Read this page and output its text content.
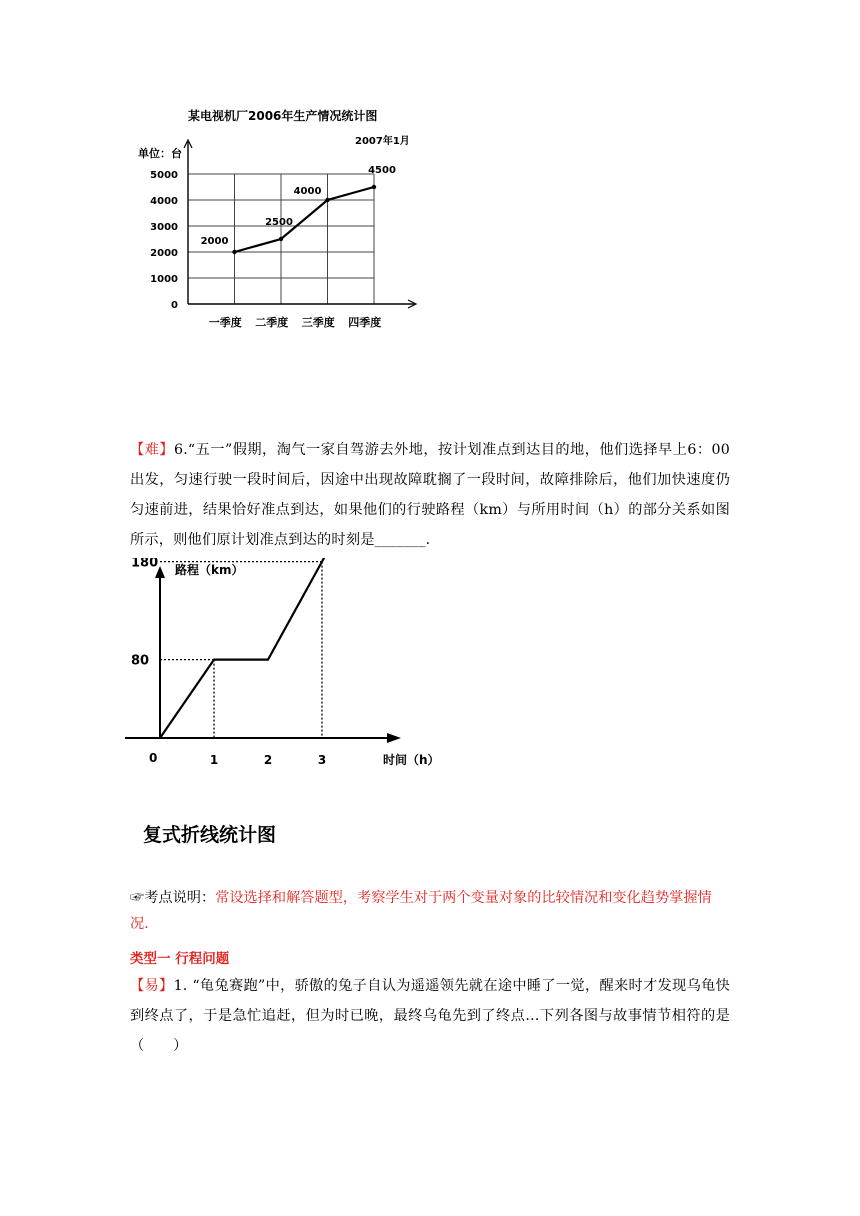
某电视机厂2006年生产情况统计图
2007年1月
单位：台
0
1000
2000
3000
4000
5000
一季度 二季度 三季度 四季度
2000
2500
4000
4500
【难】6.“五一”假期，淘气一家自驾游去外地，按计划准点到达目的地，他们选择早上6：00出发，匀速行驶一段时间后，因途中出现故障耽搁了一段时间，故障排除后，他们加快速度仍匀速前进，结果恰好准点到达，如果他们的行驶路程（km）与所用时间（h）的部分关系如图所示，则他们原计划准点到达的时刻是_______.
路程（km）
时间（h）
0
80
180
1	2	3
复式折线统计图
☞考点说明：常设选择和解答题型，考察学生对于两个变量对象的比较情况和变化趋势掌握情况.
类型一 行程问题
【易】1. “龟兔赛跑”中，骄傲的兔子自认为遥遥领先就在途中睡了一觉，醒来时才发现乌龟快到终点了，于是急忙追赶，但为时已晚，最终乌龟先到了终点…下列各图与故事情节相符的是（　　）
